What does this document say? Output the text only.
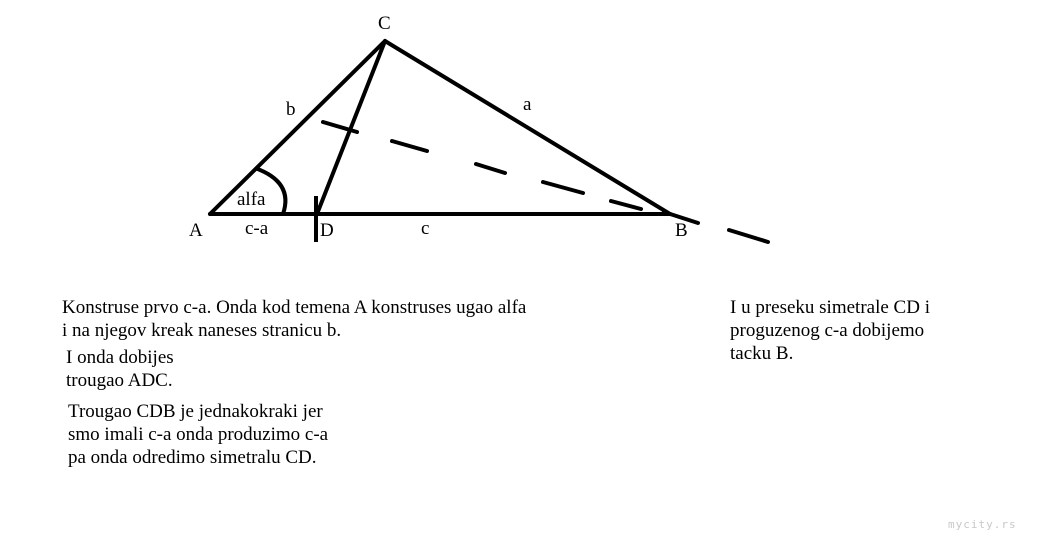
C
A	B
D
b	a
c
c-a
alfa
Konstruse prvo c-a. Onda kod temena A konstruses ugao alfa
i na njegov kreak naneses stranicu b.
I onda dobijes
trougao ADC.
Trougao CDB je jednakokraki jer
smo imali c-a onda produzimo c-a
pa onda odredimo simetralu CD.
I u preseku simetrale CD i
proguzenog c-a dobijemo
tacku B.
mycity.rs
